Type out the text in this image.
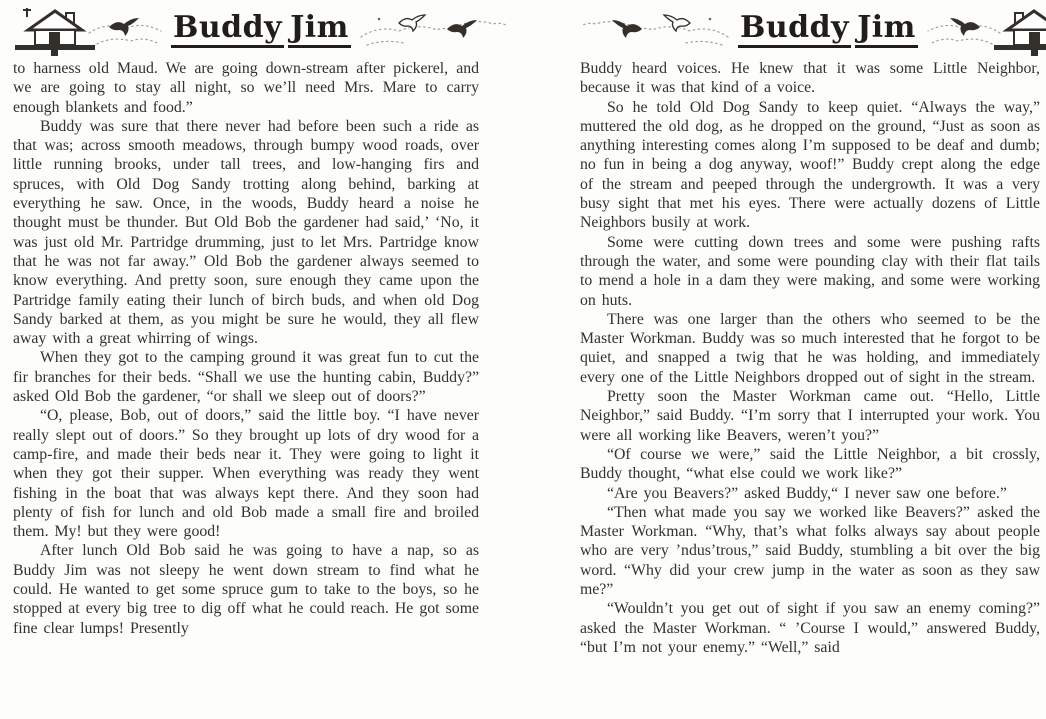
Buddy Jim

to harness old Maud. We are going down-stream after pickerel, and we are going to stay all night, so we’ll need Mrs. Mare to carry enough blankets and food.”

Buddy was sure that there never had before been such a ride as that was; across smooth meadows, through bumpy wood roads, over little running brooks, under tall trees, and low-hanging firs and spruces, with Old Dog Sandy trotting along behind, barking at everything he saw. Once, in the woods, Buddy heard a noise he thought must be thunder. But Old Bob the gardener had said,’ ‘No, it was just old Mr. Partridge drumming, just to let Mrs. Partridge know that he was not far away.” Old Bob the gardener always seemed to know everything. And pretty soon, sure enough they came upon the Partridge family eating their lunch of birch buds, and when old Dog Sandy barked at them, as you might be sure he would, they all flew away with a great whirring of wings.

When they got to the camping ground it was great fun to cut the fir branches for their beds. “Shall we use the hunting cabin, Buddy?” asked Old Bob the gardener, “or shall we sleep out of doors?”

“O, please, Bob, out of doors,” said the little boy. “I have never really slept out of doors.” So they brought up lots of dry wood for a camp-fire, and made their beds near it. They were going to light it when they got their supper. When everything was ready they went fishing in the boat that was always kept there. And they soon had plenty of fish for lunch and old Bob made a small fire and broiled them. My! but they were good!

After lunch Old Bob said he was going to have a nap, so as Buddy Jim was not sleepy he went down stream to find what he could. He wanted to get some spruce gum to take to the boys, so he stopped at every big tree to dig off what he could reach. He got some fine clear lumps! Presently

Buddy Jim

Buddy heard voices. He knew that it was some Little Neighbor, because it was that kind of a voice.

So he told Old Dog Sandy to keep quiet. “Always the way,” muttered the old dog, as he dropped on the ground, “Just as soon as anything interesting comes along I’m supposed to be deaf and dumb; no fun in being a dog anyway, woof!” Buddy crept along the edge of the stream and peeped through the undergrowth. It was a very busy sight that met his eyes. There were actually dozens of Little Neighbors busily at work.

Some were cutting down trees and some were pushing rafts through the water, and some were pounding clay with their flat tails to mend a hole in a dam they were making, and some were working on huts.

There was one larger than the others who seemed to be the Master Workman. Buddy was so much interested that he forgot to be quiet, and snapped a twig that he was holding, and immediately every one of the Little Neighbors dropped out of sight in the stream.

Pretty soon the Master Workman came out. “Hello, Little Neighbor,” said Buddy. “I’m sorry that I interrupted your work. You were all working like Beavers, weren’t you?”

“Of course we were,” said the Little Neighbor, a bit crossly, Buddy thought, “what else could we work like?”

“Are you Beavers?” asked Buddy,“ I never saw one before.”

“Then what made you say we worked like Beavers?” asked the Master Workman. “Why, that’s what folks always say about people who are very ’ndus’trous,” said Buddy, stumbling a bit over the big word. “Why did your crew jump in the water as soon as they saw me?”

“Wouldn’t you get out of sight if you saw an enemy coming?” asked the Master Workman. “ ’Course I would,” answered Buddy, “but I’m not your enemy.” “Well,” said
